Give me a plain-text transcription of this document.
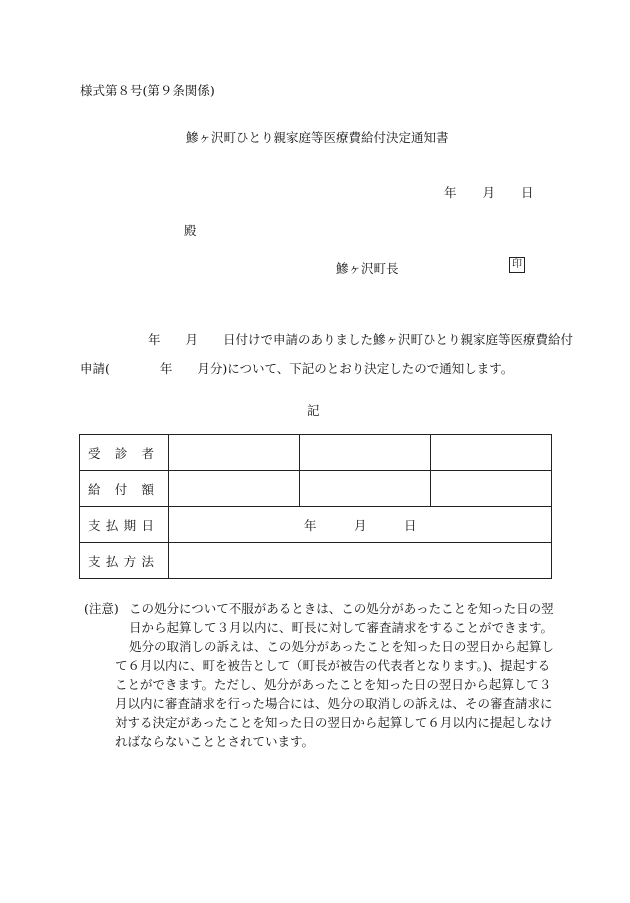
様式第８号(第９条関係)
鰺ヶ沢町ひとり親家庭等医療費給付決定通知書
年 月 日
殿
鰺ヶ沢町長	印
年　　月　　日付けで申請のありました鰺ヶ沢町ひとり親家庭等医療費給付
申請(　　　　年　　月分)について、下記のとおり決定したので通知します。
記
受 診 者			

給 付 額			

支 払 期 日	年　　　月　　　日		

支 払 方 法			

(注意) この処分について不服があるときは、この処分があったことを知った日の翌日から起算して３月以内に、町長に対して審査請求をすることができます。

処分の取消しの訴えは、この処分があったことを知った日の翌日から起算して６月以内に、町を被告として（町長が被告の代表者となります。)、提起することができます。ただし、処分があったことを知った日の翌日から起算して３月以内に審査請求を行った場合には、処分の取消しの訴えは、その審査請求に対する決定があったことを知った日の翌日から起算して６月以内に提起しなければならないこととされています。
